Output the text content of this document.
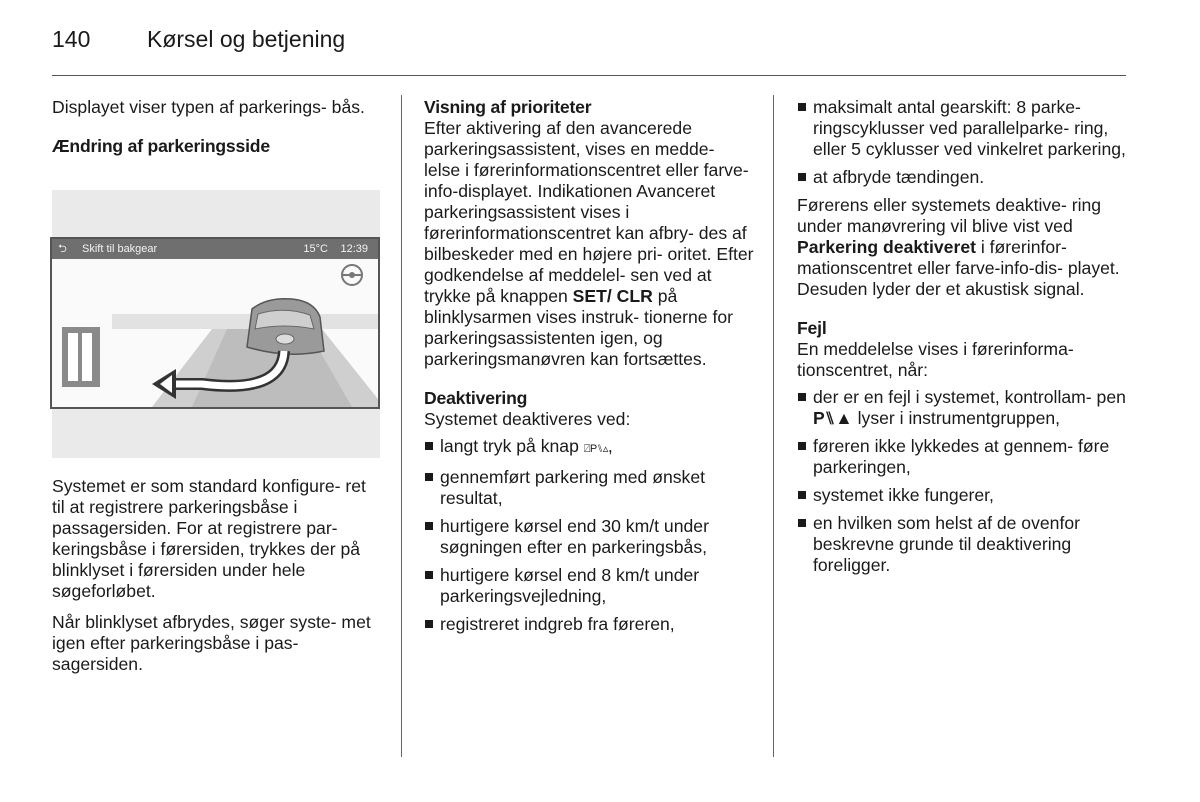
140 Kørsel og betjening

Displayet viser typen af parkerings- bås.

Ændring af parkeringsside
⮌ Skift til bakgear	15°C 12:39

Systemet er som standard konfigure- ret til at registrere parkeringsbåse i passagersiden. For at registrere par- keringsbåse i førersiden, trykkes der på blinklyset i førersiden under hele søgeforløbet.

Når blinklyset afbrydes, søger syste- met igen efter parkeringsbåse i pas- sagersiden.

Visning af prioriteter

Efter aktivering af den avancerede parkeringsassistent, vises en medde- lelse i førerinformationscentret eller farve-info-displayet. Indikationen Avanceret parkeringsassistent vises i førerinformationscentret kan afbry- des af bilbeskeder med en højere pri- oritet. Efter godkendelse af meddelel- sen ved at trykke på knappen SET/ CLR på blinklysarmen vises instruk- tionerne for parkeringsassistenten igen, og parkeringsmanøvren kan fortsættes.

Deaktivering

Systemet deaktiveres ved:

langt tryk på knap ⍁P⑊▵,
gennemført parkering med ønsket resultat,
hurtigere kørsel end 30 km/t under søgningen efter en parkeringsbås,
hurtigere kørsel end 8 km/t under parkeringsvejledning,
registreret indgreb fra føreren,
maksimalt antal gearskift: 8 parke- ringscyklusser ved parallelparke- ring, eller 5 cyklusser ved vinkelret parkering,
at afbryde tændingen.

Førerens eller systemets deaktive- ring under manøvrering vil blive vist ved Parkering deaktiveret i førerinfor- mationscentret eller farve-info-dis- playet. Desuden lyder der et akustisk signal.

Fejl

En meddelelse vises i førerinforma- tionscentret, når:

der er en fejl i systemet, kontrollam- pen P⑊▲ lyser i instrumentgruppen,
føreren ikke lykkedes at gennem- føre parkeringen,
systemet ikke fungerer,
en hvilken som helst af de ovenfor beskrevne grunde til deaktivering foreligger.
